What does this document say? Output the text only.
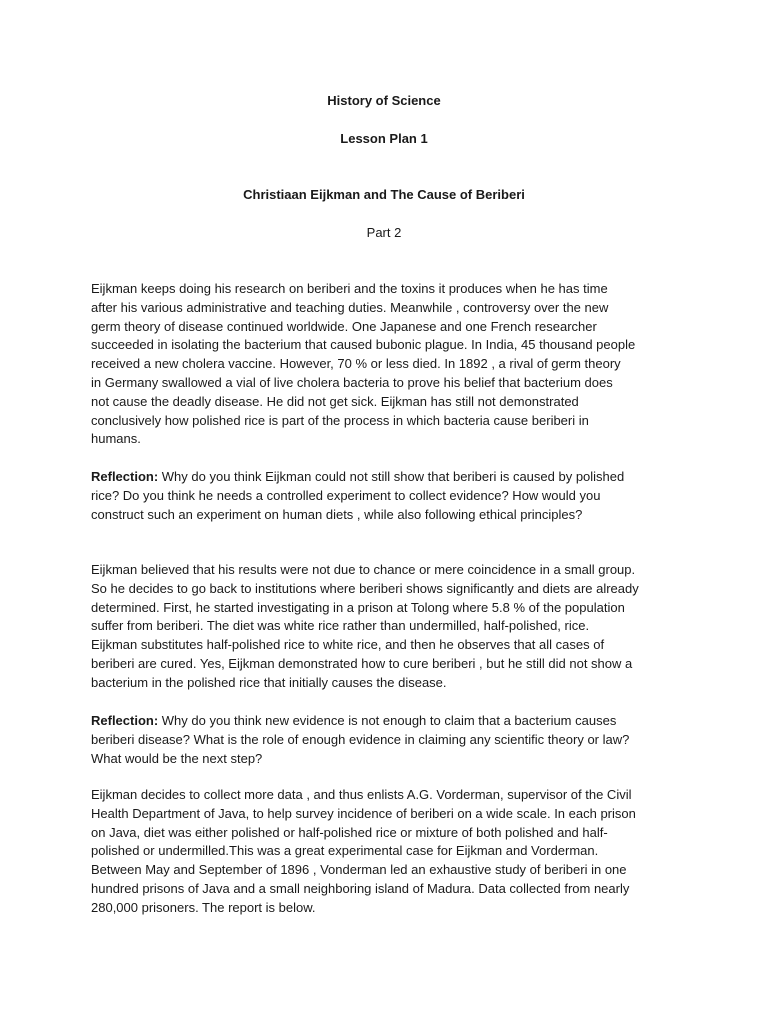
History of Science

Lesson Plan 1

Christiaan Eijkman and The Cause of Beriberi

Part 2

Eijkman keeps doing his research on beriberi and the toxins it produces when he has time
after his various administrative and teaching duties. Meanwhile , controversy over the new
germ theory of disease continued worldwide. One Japanese and one French researcher
succeeded in isolating the bacterium that caused bubonic plague. In India, 45 thousand people
received a new cholera vaccine. However, 70 % or less died. In 1892 , a rival of germ theory
in Germany swallowed a vial of live cholera bacteria to prove his belief that bacterium does
not cause the deadly disease. He did not get sick. Eijkman has still not demonstrated
conclusively how polished rice is part of the process in which bacteria cause beriberi in
humans.
Reflection: Why do you think Eijkman could not still show that beriberi is caused by polished
rice? Do you think he needs a controlled experiment to collect evidence? How would you
construct such an experiment on human diets , while also following ethical principles?
Eijkman believed that his results were not due to chance or mere coincidence in a small group.
So he decides to go back to institutions where beriberi shows significantly and diets are already
determined. First, he started investigating in a prison at Tolong where 5.8 % of the population
suffer from beriberi. The diet was white rice rather than undermilled, half-polished, rice.
Eijkman substitutes half-polished rice to white rice, and then he observes that all cases of
beriberi are cured. Yes, Eijkman demonstrated how to cure beriberi , but he still did not show a
bacterium in the polished rice that initially causes the disease.
Reflection: Why do you think new evidence is not enough to claim that a bacterium causes
beriberi disease? What is the role of enough evidence in claiming any scientific theory or law?
What would be the next step?
Eijkman decides to collect more data , and thus enlists A.G. Vorderman, supervisor of the Civil
Health Department of Java, to help survey incidence of beriberi on a wide scale. In each prison
on Java, diet was either polished or half-polished rice or mixture of both polished and half-
polished or undermilled.This was a great experimental case for Eijkman and Vorderman.
Between May and September of 1896 , Vonderman led an exhaustive study of beriberi in one
hundred prisons of Java and a small neighboring island of Madura. Data collected from nearly
280,000 prisoners. The report is below.
